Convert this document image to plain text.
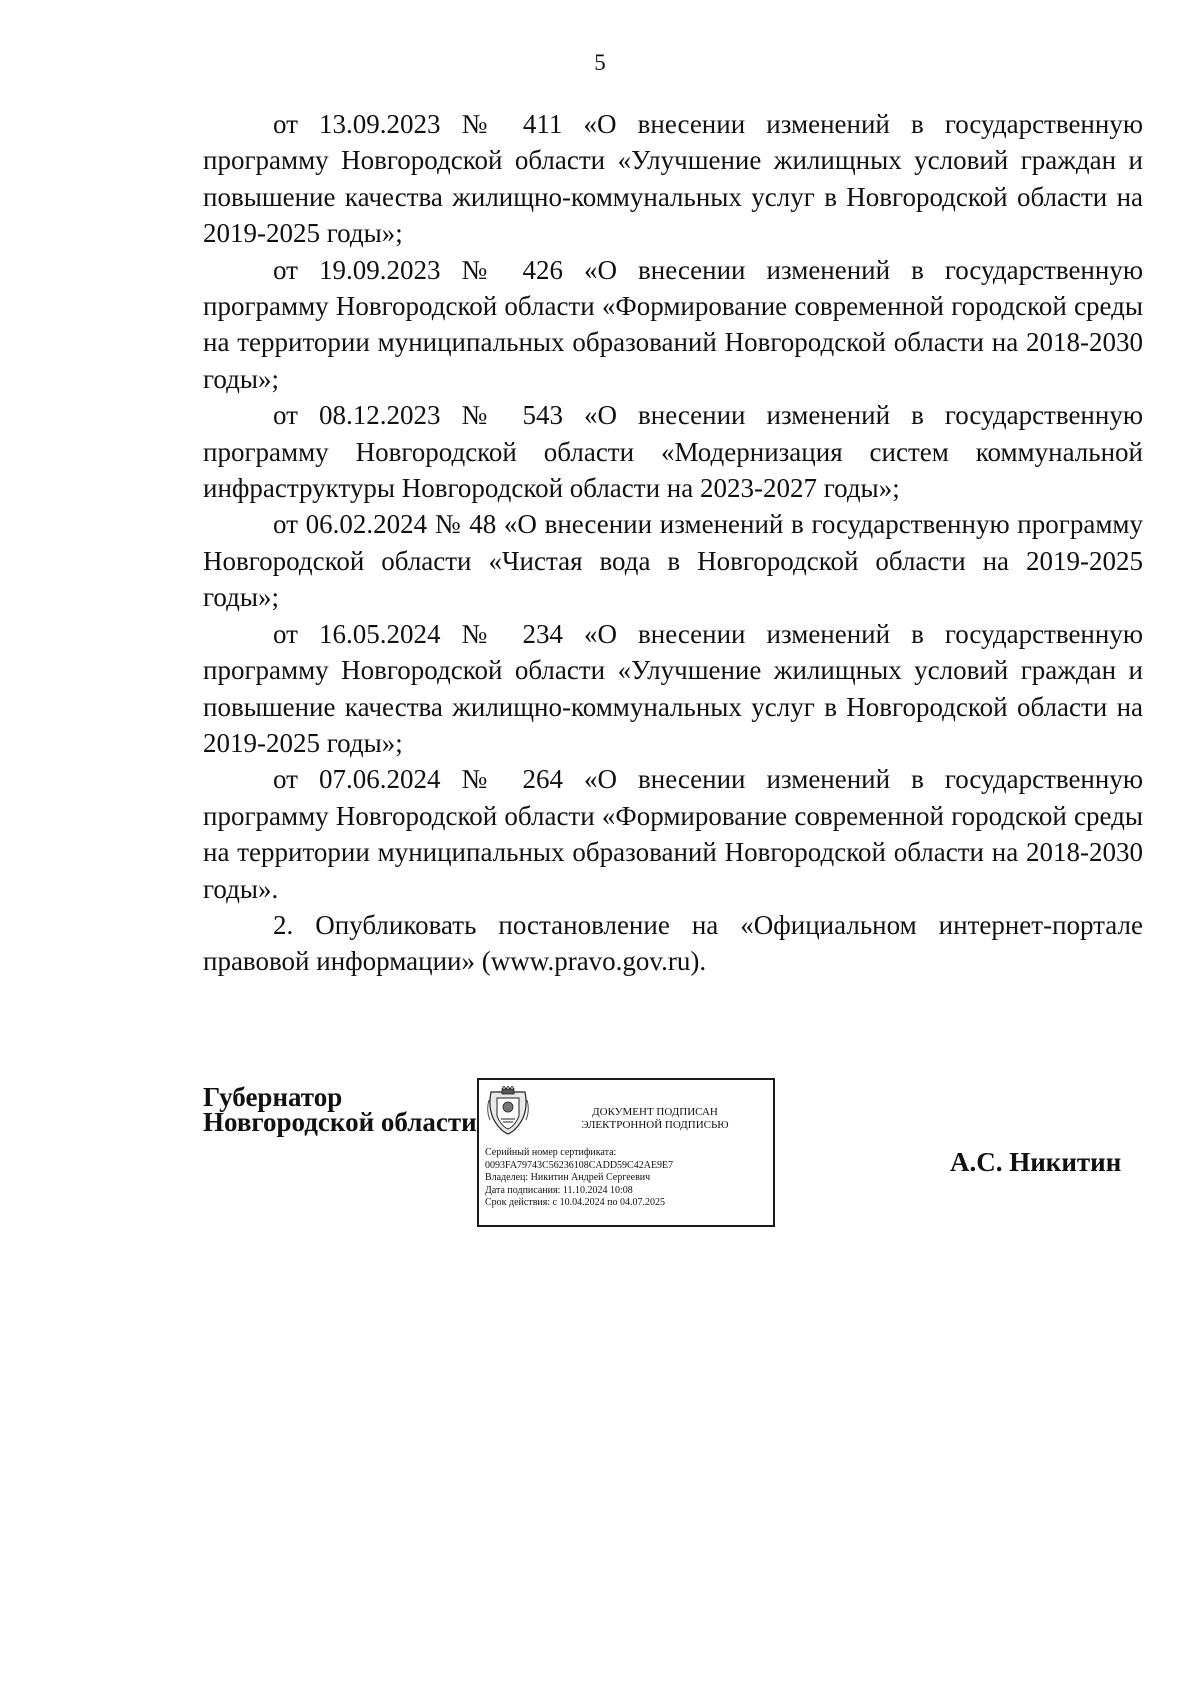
5

от 13.09.2023 № 411 «О внесении изменений в государственную программу Новгородской области «Улучшение жилищных условий граждан и повышение качества жилищно-коммунальных услуг в Новгородской области на 2019-2025 годы»;

от 19.09.2023 № 426 «О внесении изменений в государственную программу Новгородской области «Формирование современной городской среды на территории муниципальных образований Новгородской области на 2018-2030 годы»;

от 08.12.2023 № 543 «О внесении изменений в государственную программу Новгородской области «Модернизация систем коммунальной инфраструктуры Новгородской области на 2023-2027 годы»;

от 06.02.2024 № 48 «О внесении изменений в государственную программу Новгородской области «Чистая вода в Новгородской области на 2019-2025 годы»;

от 16.05.2024 № 234 «О внесении изменений в государственную программу Новгородской области «Улучшение жилищных условий граждан и повышение качества жилищно-коммунальных услуг в Новгородской области на 2019-2025 годы»;

от 07.06.2024 № 264 «О внесении изменений в государственную программу Новгородской области «Формирование современной городской среды на территории муниципальных образований Новгородской области на 2018-2030 годы».

2. Опубликовать постановление на «Официальном интернет-портале правовой информации» (www.pravo.gov.ru).

Губернатор
Новгородской области	ДОКУМЕНТ ПОДПИСАН
ЭЛЕКТРОННОЙ ПОДПИСЬЮ
Серийный номер сертификата:
0093FA79743C56236108CADD59C42AE9E7
Владелец: Никитин Андрей Сергеевич
Дата подписания: 11.10.2024 10:08
Срок действия: с 10.04.2024 по 04.07.2025
А.С. Никитин
